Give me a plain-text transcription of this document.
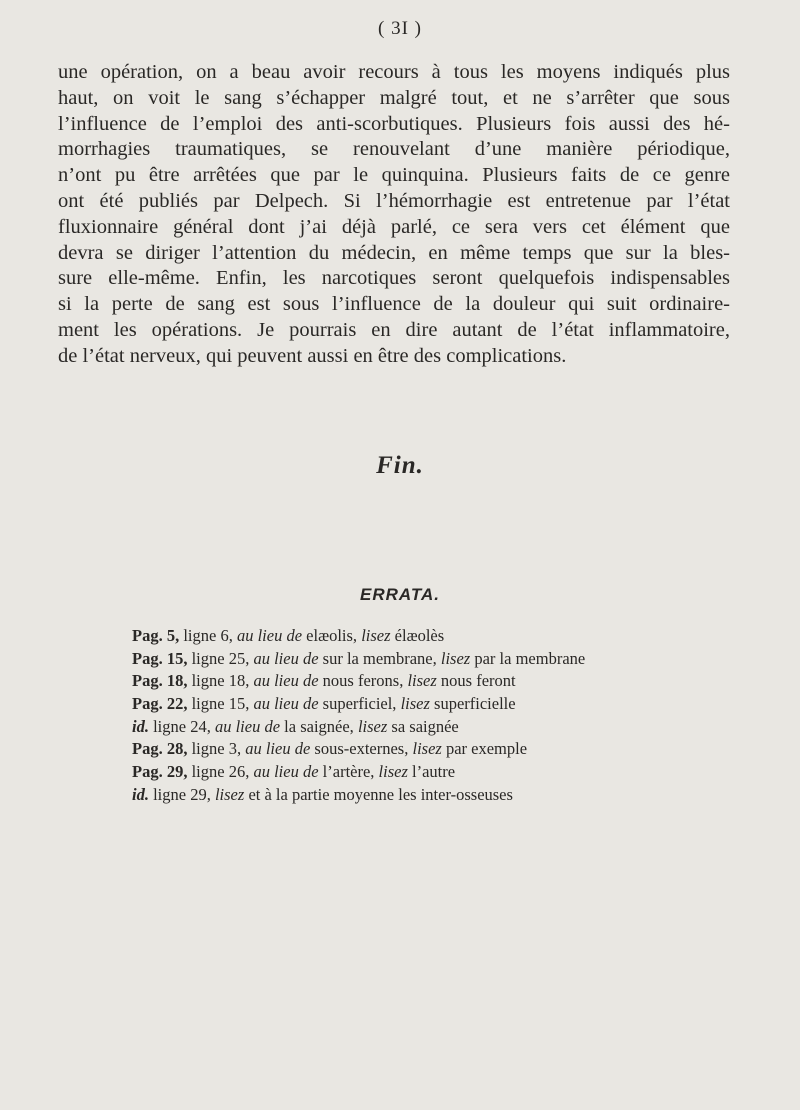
( 3I )
une opération, on a beau avoir recours à tous les moyens indiqués plus
haut, on voit le sang s’échapper malgré tout, et ne s’arrêter que sous
l’influence de l’emploi des anti-scorbutiques. Plusieurs fois aussi des hé-
morrhagies traumatiques, se renouvelant d’une manière périodique,
n’ont pu être arrêtées que par le quinquina. Plusieurs faits de ce genre
ont été publiés par Delpech. Si l’hémorrhagie est entretenue par l’état
fluxionnaire général dont j’ai déjà parlé, ce sera vers cet élément que
devra se diriger l’attention du médecin, en même temps que sur la bles-
sure elle-même. Enfin, les narcotiques seront quelquefois indispensables
si la perte de sang est sous l’influence de la douleur qui suit ordinaire-
ment les opérations. Je pourrais en dire autant de l’état inflammatoire,
de l’état nerveux, qui peuvent aussi en être des complications.
Fin.
ERRATA.
Pag. 5, ligne 6, au lieu de elæolis, lisez élæolès
Pag. 15, ligne 25, au lieu de sur la membrane, lisez par la membrane
Pag. 18, ligne 18, au lieu de nous ferons, lisez nous feront
Pag. 22, ligne 15, au lieu de superficiel, lisez superficielle
id. ligne 24, au lieu de la saignée, lisez sa saignée
Pag. 28, ligne 3, au lieu de sous-externes, lisez par exemple
Pag. 29, ligne 26, au lieu de l’artère, lisez l’autre
id. ligne 29, lisez et à la partie moyenne les inter-osseuses
